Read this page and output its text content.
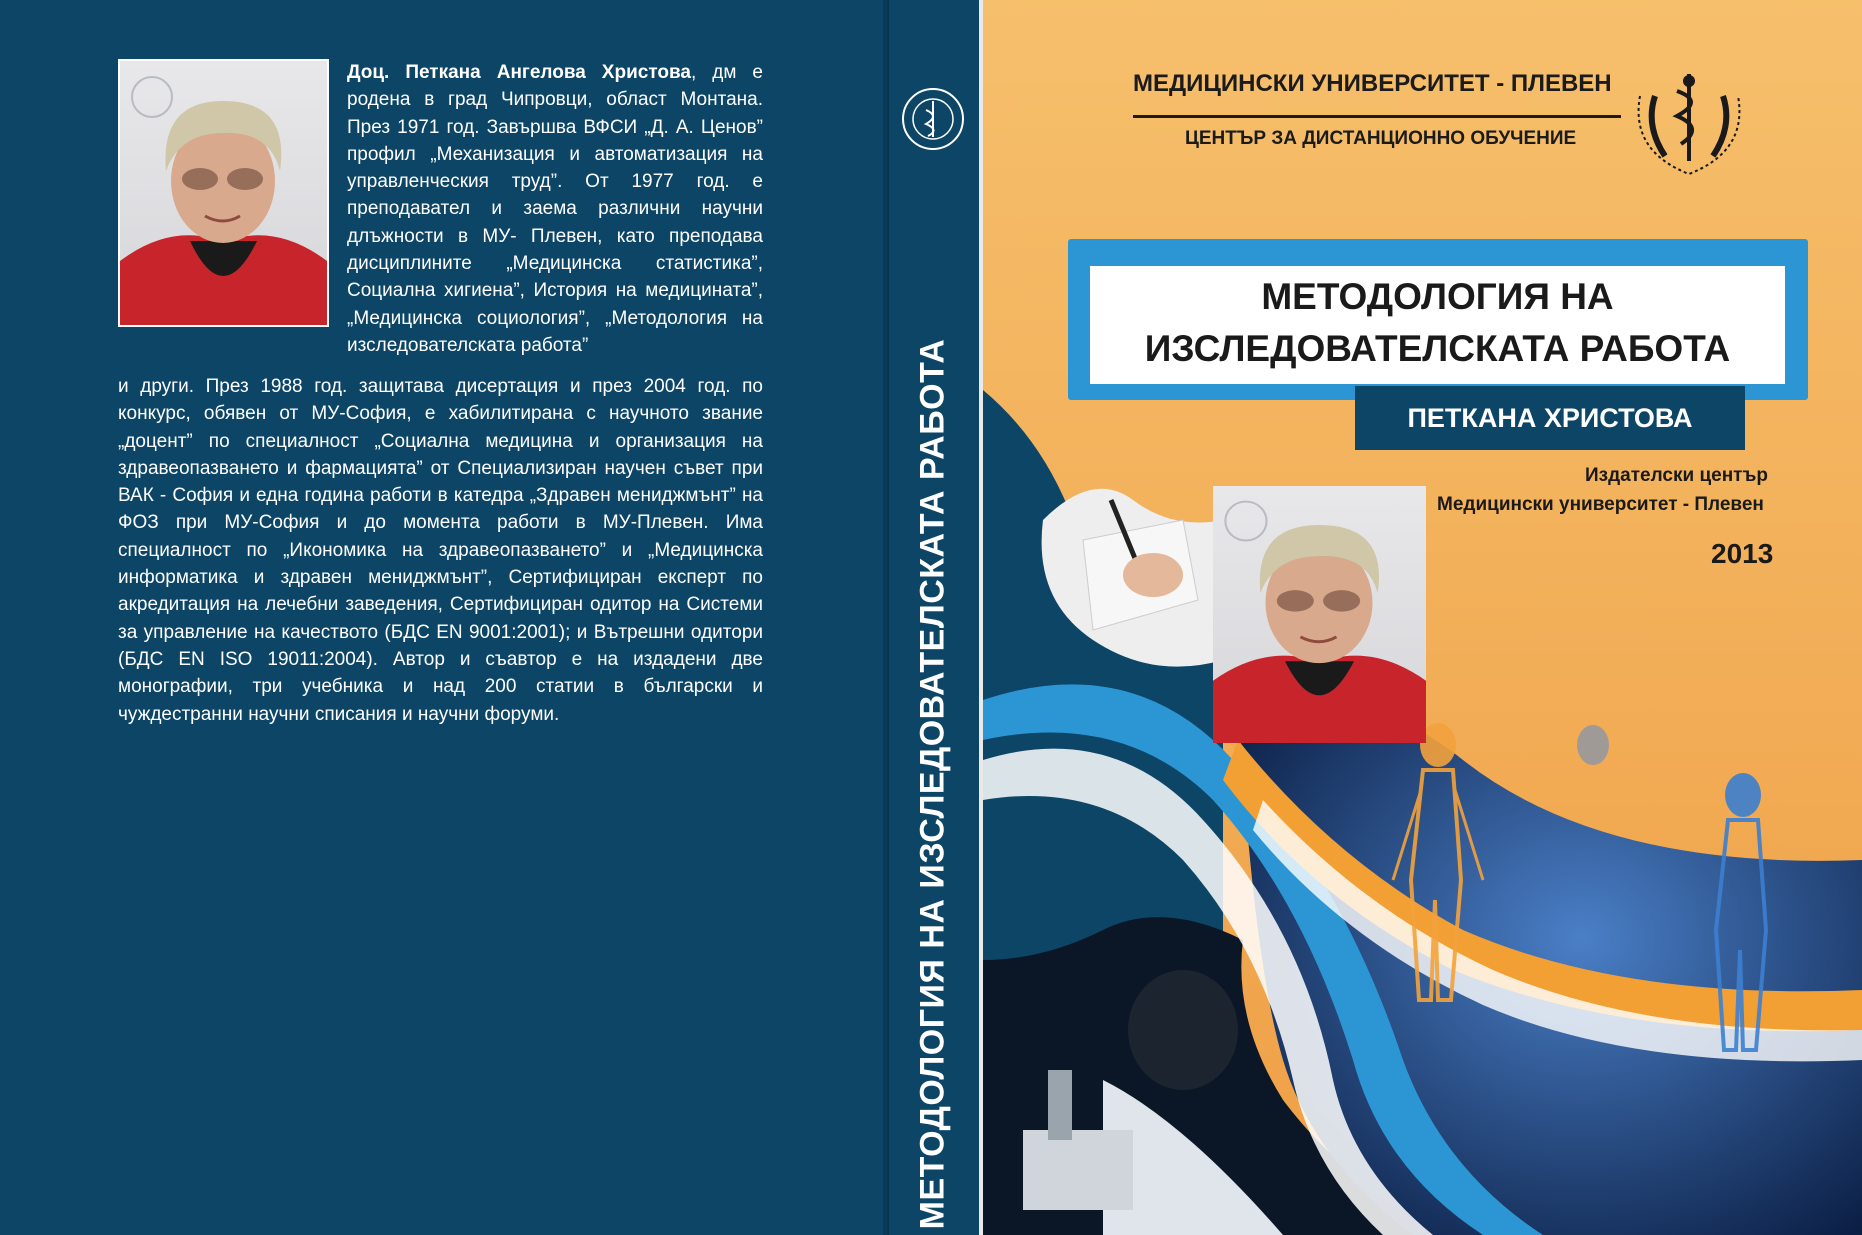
Доц. Петкана Ангелова Христова, дм е родена в град Чипровци, област Монтана. През 1971 год. Завършва ВФСИ „Д. А. Ценов” профил „Механизация и автоматизация на управленческия труд”. От 1977 год. е преподавател и заема различни научни длъжности в МУ- Плевен, като преподава дисциплините „Медицинска статистика”, Социална хигиена”, История на медицината”, „Медицинска социология”, „Методология на изследователската работа”
и други. През 1988 год. защитава дисертация и през 2004 год. по конкурс, обявен от МУ-София, е хабилитирана с научното звание „доцент” по специалност „Социална медицина и организация на здравеопазването и фармацията” от Специализиран научен съвет при ВАК - София и една година работи в катедра „Здравен мениджмънт” на ФОЗ при МУ-София и до момента работи в МУ-Плевен. Има специалност по „Икономика на здравеопазването” и „Медицинска информатика и здравен мениджмънт”, Сертифициран експерт по акредитация на лечебни заведения, Сертифициран одитор на Системи за управление на качеството (БДС EN 9001:2001); и Вътрешни одитори (БДС EN ISO 19011:2004). Автор и съавтор е на издадени две монографии, три учебника и над 200 статии в български и чуждестранни научни списания и научни форуми.	МЕТОДОЛОГИЯ НА ИЗСЛЕДОВАТЕЛСКАТА РАБОТА
МЕДИЦИНСКИ УНИВЕРСИТЕТ - ПЛЕВЕН
ЦЕНТЪР ЗА ДИСТАНЦИОННО ОБУЧЕНИЕ
МЕТОДОЛОГИЯ НА
ИЗСЛЕДОВАТЕЛСКАТА РАБОТА
ПЕТКАНА ХРИСТОВА
Издателски център
Медицински университет - Плевен
2013
